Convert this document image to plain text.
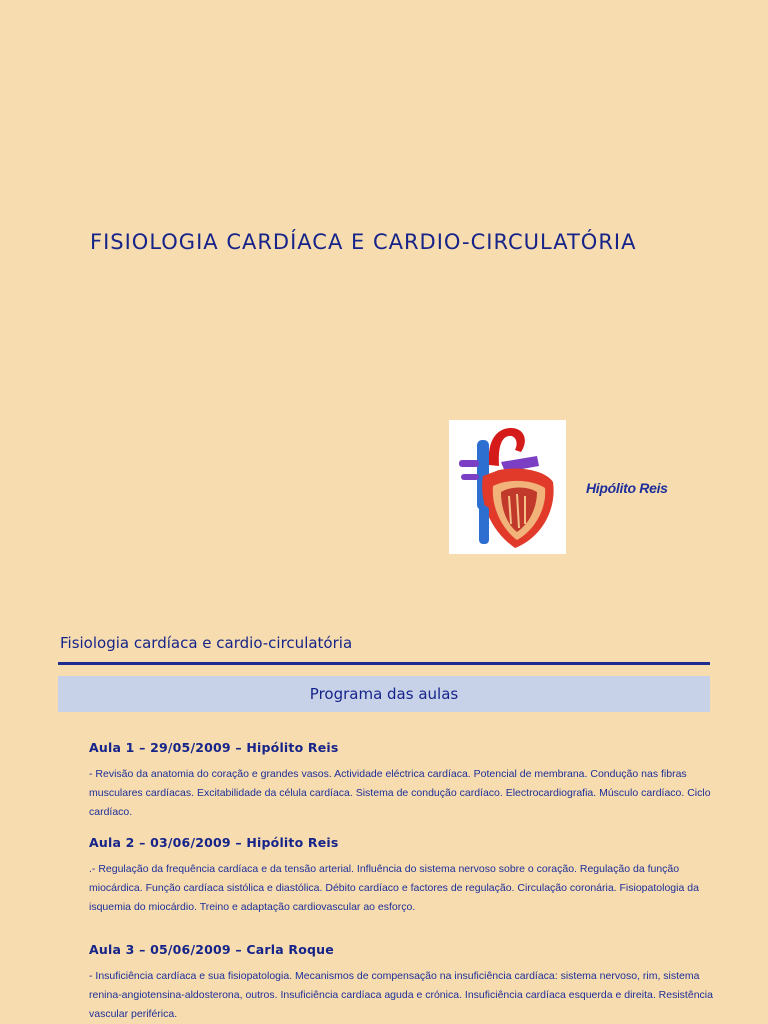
FISIOLOGIA CARDÍACA E CARDIO-CIRCULATÓRIA
Hipólito Reis
Fisiologia cardíaca e cardio-circulatória
Programa das aulas
Aula 1 – 29/05/2009 – Hipólito Reis
- Revisão da anatomia do coração e grandes vasos. Actividade eléctrica cardíaca. Potencial de membrana. Condução nas fibras musculares cardíacas. Excitabilidade da célula cardíaca. Sistema de condução cardíaco. Electrocardiografia. Músculo cardíaco. Ciclo cardíaco.
Aula 2 – 03/06/2009 – Hipólito Reis
.- Regulação da frequência cardíaca e da tensão arterial. Influência do sistema nervoso sobre o coração. Regulação da função miocárdica. Função cardíaca sistólica e diastólica. Débito cardíaco e factores de regulação. Circulação coronária. Fisiopatologia da isquemia do miocárdio. Treino e adaptação cardiovascular ao esforço.
Aula 3 – 05/06/2009 – Carla Roque
- Insuficiência cardíaca e sua fisiopatologia. Mecanismos de compensação na insuficiência cardíaca: sistema nervoso, rim, sistema renina-angiotensina-aldosterona, outros. Insuficiência cardíaca aguda e crónica. Insuficiência cardíaca esquerda e direita. Resistência vascular periférica.
